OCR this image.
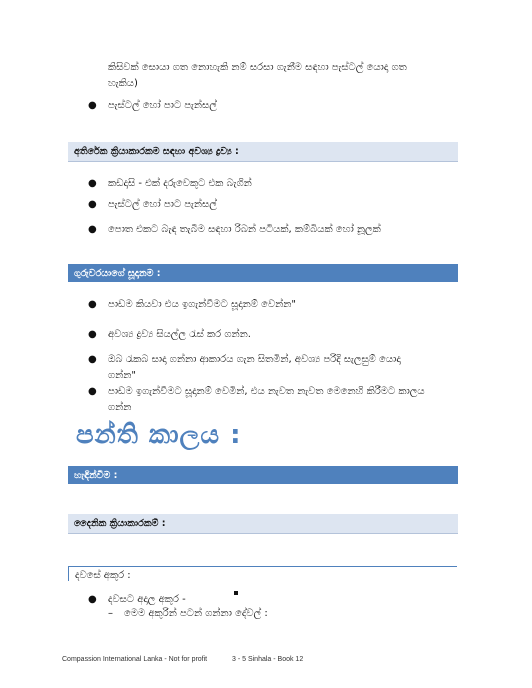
කිසිවක් සොයා ගත නොහැකි නම් සරසා ගැනීම සඳහා පැස්ටල් යොදා ගත
හැකිය)
●	පැස්ටල් හෝ පාට පැන්සල්
අතිරේක ක්‍රියාකාරකම සඳහා අවශ්‍ය ද්‍රව්‍ය :
●	කඩදාසි - එක් දරුවෙකුට එක බැගින්
●	පැස්ටල් හෝ පාට පැන්සල්
●	පොත එකට බැඳ තැබීම සඳහා රිබන් පටියක්, කම්බියක් හෝ නූලක්
ගුරුවරයාගේ සූදානම :
●	පාඩම කියවා එය ඉගැන්වීමට සූදානම් වෙන්න"
●	අවශ්‍ය ද්‍රව්‍ය සියල්ල රැස් කර ගන්න.
●	ඔබ රැකබ සාදා ගන්නා ආකාරය ගැන සිතමින්, අවශ්‍ය පරිදි සැලසුම් යොදා
ගන්න"
●	පාඩම ඉගැන්වීමට සූදානම් වෙමින්, එය නැවත නැවත මෙනෙහි කිරීමට කාලය
ගන්න
පන්ති කාලය :
හැඳින්වීම :
දෛනික ක්‍රියාකාරකම් :
දවසේ අකුර :
●	දවසට අදාල අකුර -
–	මෙම අකුරින් පටන් ගන්නා දේවල් :
Compassion International Lanka - Not for profit	3 - 5 Sinhala - Book 12
